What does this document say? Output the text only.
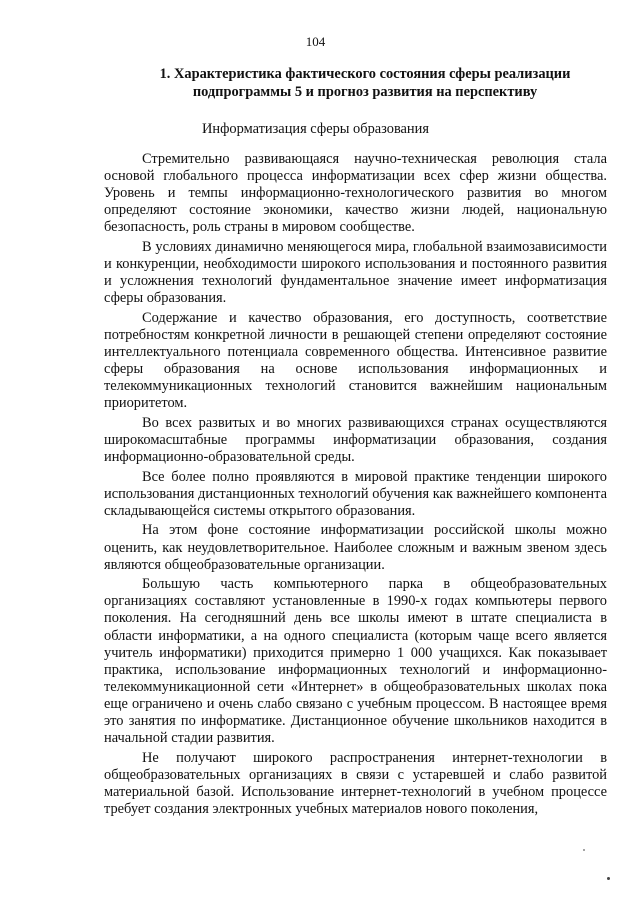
104
1. Характеристика фактического состояния сферы реализации подпрограммы 5 и прогноз развития на перспективу
Информатизация сферы образования

Стремительно развивающаяся научно-техническая революция стала основой глобального процесса информатизации всех сфер жизни общества. Уровень и темпы информационно-технологического развития во многом определяют состояние экономики, качество жизни людей, национальную безопасность, роль страны в мировом сообществе.

В условиях динамично меняющегося мира, глобальной взаимозависимости и конкуренции, необходимости широкого использования и постоянного развития и усложнения технологий фундаментальное значение имеет информатизация сферы образования.

Содержание и качество образования, его доступность, соответствие потребностям конкретной личности в решающей степени определяют состояние интеллектуального потенциала современного общества. Интенсивное развитие сферы образования на основе использования информационных и телекоммуникационных технологий становится важнейшим национальным приоритетом.

Во всех развитых и во многих развивающихся странах осуществляются широкомасштабные программы информатизации образования, создания информационно-образовательной среды.

Все более полно проявляются в мировой практике тенденции широкого использования дистанционных технологий обучения как важнейшего компонента складывающейся системы открытого образования.

На этом фоне состояние информатизации российской школы можно оценить, как неудовлетворительное. Наиболее сложным и важным звеном здесь являются общеобразовательные организации.

Большую часть компьютерного парка в общеобразовательных организациях составляют установленные в 1990-х годах компьютеры первого поколения. На сегодняшний день все школы имеют в штате специалиста в области информатики, а на одного специалиста (которым чаще всего является учитель информатики) приходится примерно 1 000 учащихся. Как показывает практика, использование информационных технологий и информационно-телекоммуникационной сети «Интернет» в общеобразовательных школах пока еще ограничено и очень слабо связано с учебным процессом. В настоящее время это занятия по информатике. Дистанционное обучение школьников находится в начальной стадии развития.

Не получают широкого распространения интернет-технологии в общеобразовательных организациях в связи с устаревшей и слабо развитой материальной базой. Использование интернет-технологий в учебном процессе требует создания электронных учебных материалов нового поколения,
